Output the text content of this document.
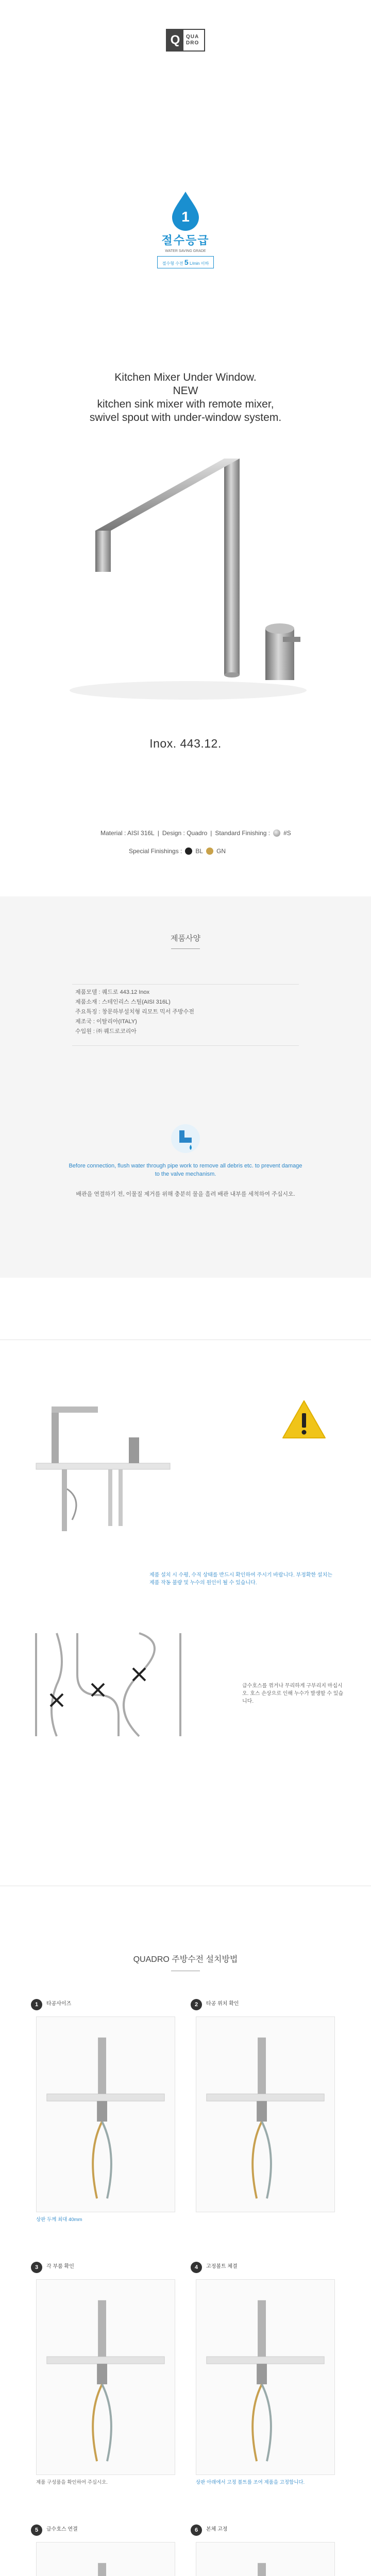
Q	QUA
DRO
1
절수등급
WATER SAVING GRADE
절수형 수전 5 L/min 이하
Kitchen Mixer Under Window.
NEW
kitchen sink mixer with remote mixer,
swivel spout with under-window system.
Inox. 443.12.
Material : AISI 316L | Design : Quadro | Standard Finishing : #S
Special Finishings : BL GN
제품사양
제품모델 : 퀘드로 443.12 Inox
제품소재 : 스테인리스 스틸(AISI 316L)
주요특징 : 창문하부설치형 리모트 믹서 주방수전
제조국 : 이탈리아(ITALY)
수입원 : ㈜ 퀘드로코리아
Before connection, flush water through pipe work to remove all debris etc. to prevent damage to the valve mechanism.
배관을 연결하기 전, 이물질 제거를 위해 충분히 물을 흘려 배관 내부를 세척하여 주십시오.
제품 설치 시 수평, 수직 상태를 반드시 확인하여 주시기 바랍니다. 부정확한 설치는 제품 작동 불량 및 누수의 원인이 될 수 있습니다.
급수호스를 꺾거나 무리하게 구부리지 마십시오. 호스 손상으로 인해 누수가 발생할 수 있습니다.
QUADRO 주방수전 설치방법
1	타공사이즈
상판 두께 최대 40mm
2	타공 위치 확인
3	각 부품 확인
제품 구성품을 확인하여 주십시오.
4	고정볼트 체결
상판 아래에서 고정 볼트를 조여 제품을 고정합니다.
5	급수호스 연결	6	본체 고정
